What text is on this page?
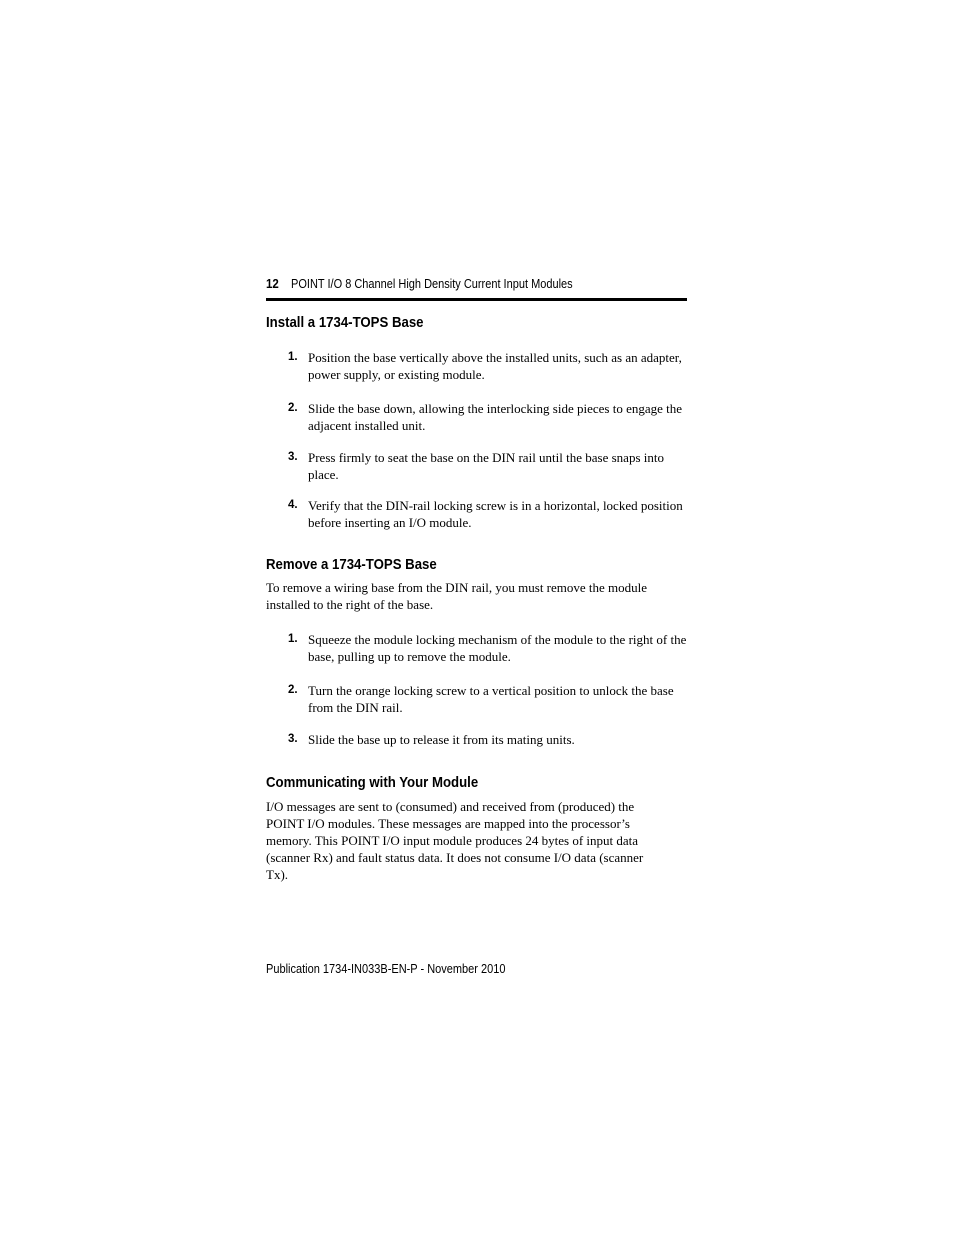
12 POINT I/O 8 Channel High Density Current Input Modules
Install a 1734-TOPS Base
1. Position the base vertically above the installed units, such as an adapter, power supply, or existing module.
2. Slide the base down, allowing the interlocking side pieces to engage the adjacent installed unit.
3. Press firmly to seat the base on the DIN rail until the base snaps into place.
4. Verify that the DIN-rail locking screw is in a horizontal, locked position before inserting an I/O module.
Remove a 1734-TOPS Base
To remove a wiring base from the DIN rail, you must remove the module installed to the right of the base.
1. Squeeze the module locking mechanism of the module to the right of the base, pulling up to remove the module.
2. Turn the orange locking screw to a vertical position to unlock the base from the DIN rail.
3. Slide the base up to release it from its mating units.
Communicating with Your Module
I/O messages are sent to (consumed) and received from (produced) the POINT I/O modules. These messages are mapped into the processor’s memory. This POINT I/O input module produces 24 bytes of input data (scanner Rx) and fault status data. It does not consume I/O data (scanner Tx).
Publication 1734-IN033B-EN-P - November 2010
